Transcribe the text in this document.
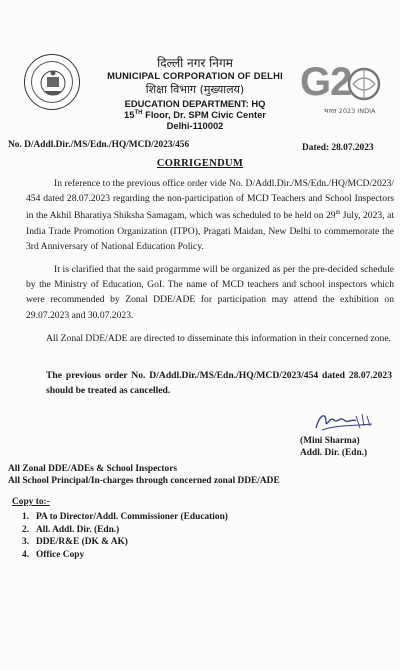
दिल्ली नगर निगम
MUNICIPAL CORPORATION OF DELHI
शिक्षा विभाग (मुख्यालय)
EDUCATION DEPARTMENT: HQ
15TH Floor, Dr. SPM Civic Center
Delhi-110002
G2
भारत 2023 INDIA
No. D/Addl.Dir./MS/Edn./HQ/MCD/2023/456	Dated: 28.07.2023
CORRIGENDUM
In reference to the previous office order vide No. D/Addl.Dir./MS/Edn./HQ/MCD/2023/ 454 dated 28.07.2023 regarding the non-participation of MCD Teachers and School Inspectors in the Akhil Bharatiya Shiksha Samagam, which was scheduled to be held on 29th July, 2023, at India Trade Promotion Organization (ITPO), Pragati Maidan, New Delhi to commemorate the 3rd Anniversary of National Education Policy.
It is clarified that the said progarmme will be organized as per the pre-decided schedule by the Ministry of Education, GoI. The name of MCD teachers and school inspectors which were recommended by Zonal DDE/ADE for participation may attend the exhibition on 29.07.2023 and 30.07.2023.
All Zonal DDE/ADE are directed to disseminate this information in their concerned zone.
The previous order No. D/Addl.Dir./MS/Edn./HQ/MCD/2023/454 dated 28.07.2023 should be treated as cancelled.
(Mini Sharma)
Addl. Dir. (Edn.)
All Zonal DDE/ADEs & School Inspectors
All School Principal/In-charges through concerned zonal DDE/ADE
Copy to:-
1. PA to Director/Addl. Commissioner (Education)
2. All. Addl. Dir. (Edn.)
3. DDE/R&E (DK & AK)
4. Office Copy
